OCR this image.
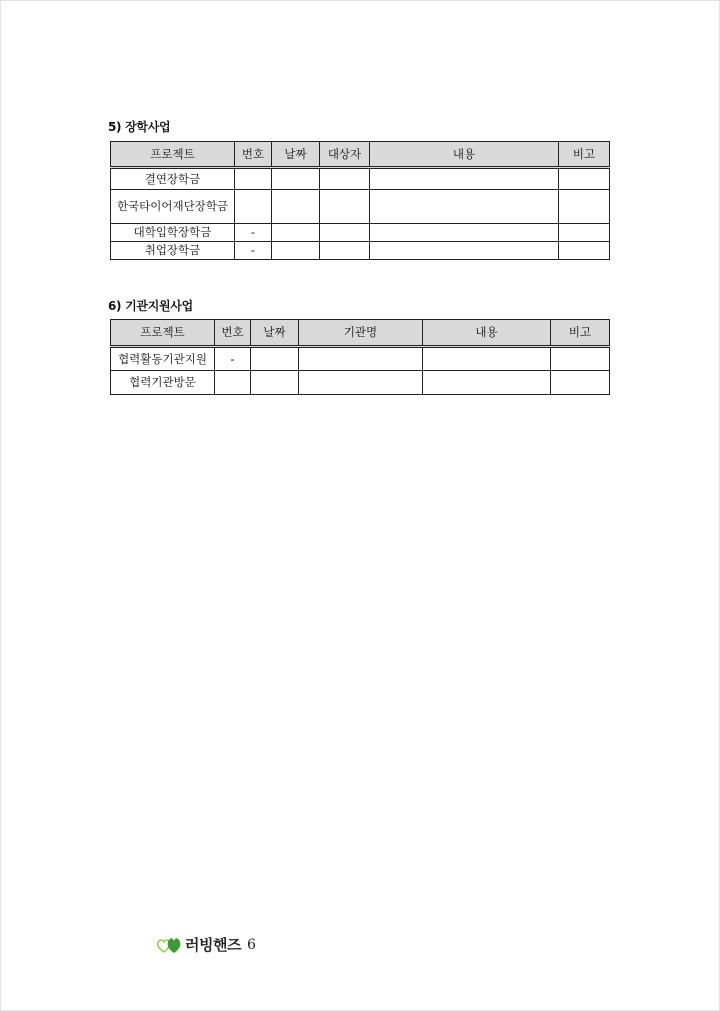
5) 장학사업
프로젝트	번호	날짜	대상자	내용	비고
결연장학금					
한국타이어재단장학금					
대학입학장학금	-				
취업장학금	-				
6) 기관지원사업
프로젝트	번호	날짜	기관명	내용	비고
협력활동기관지원	-				
협력기관방문					
러빙핸즈 6
